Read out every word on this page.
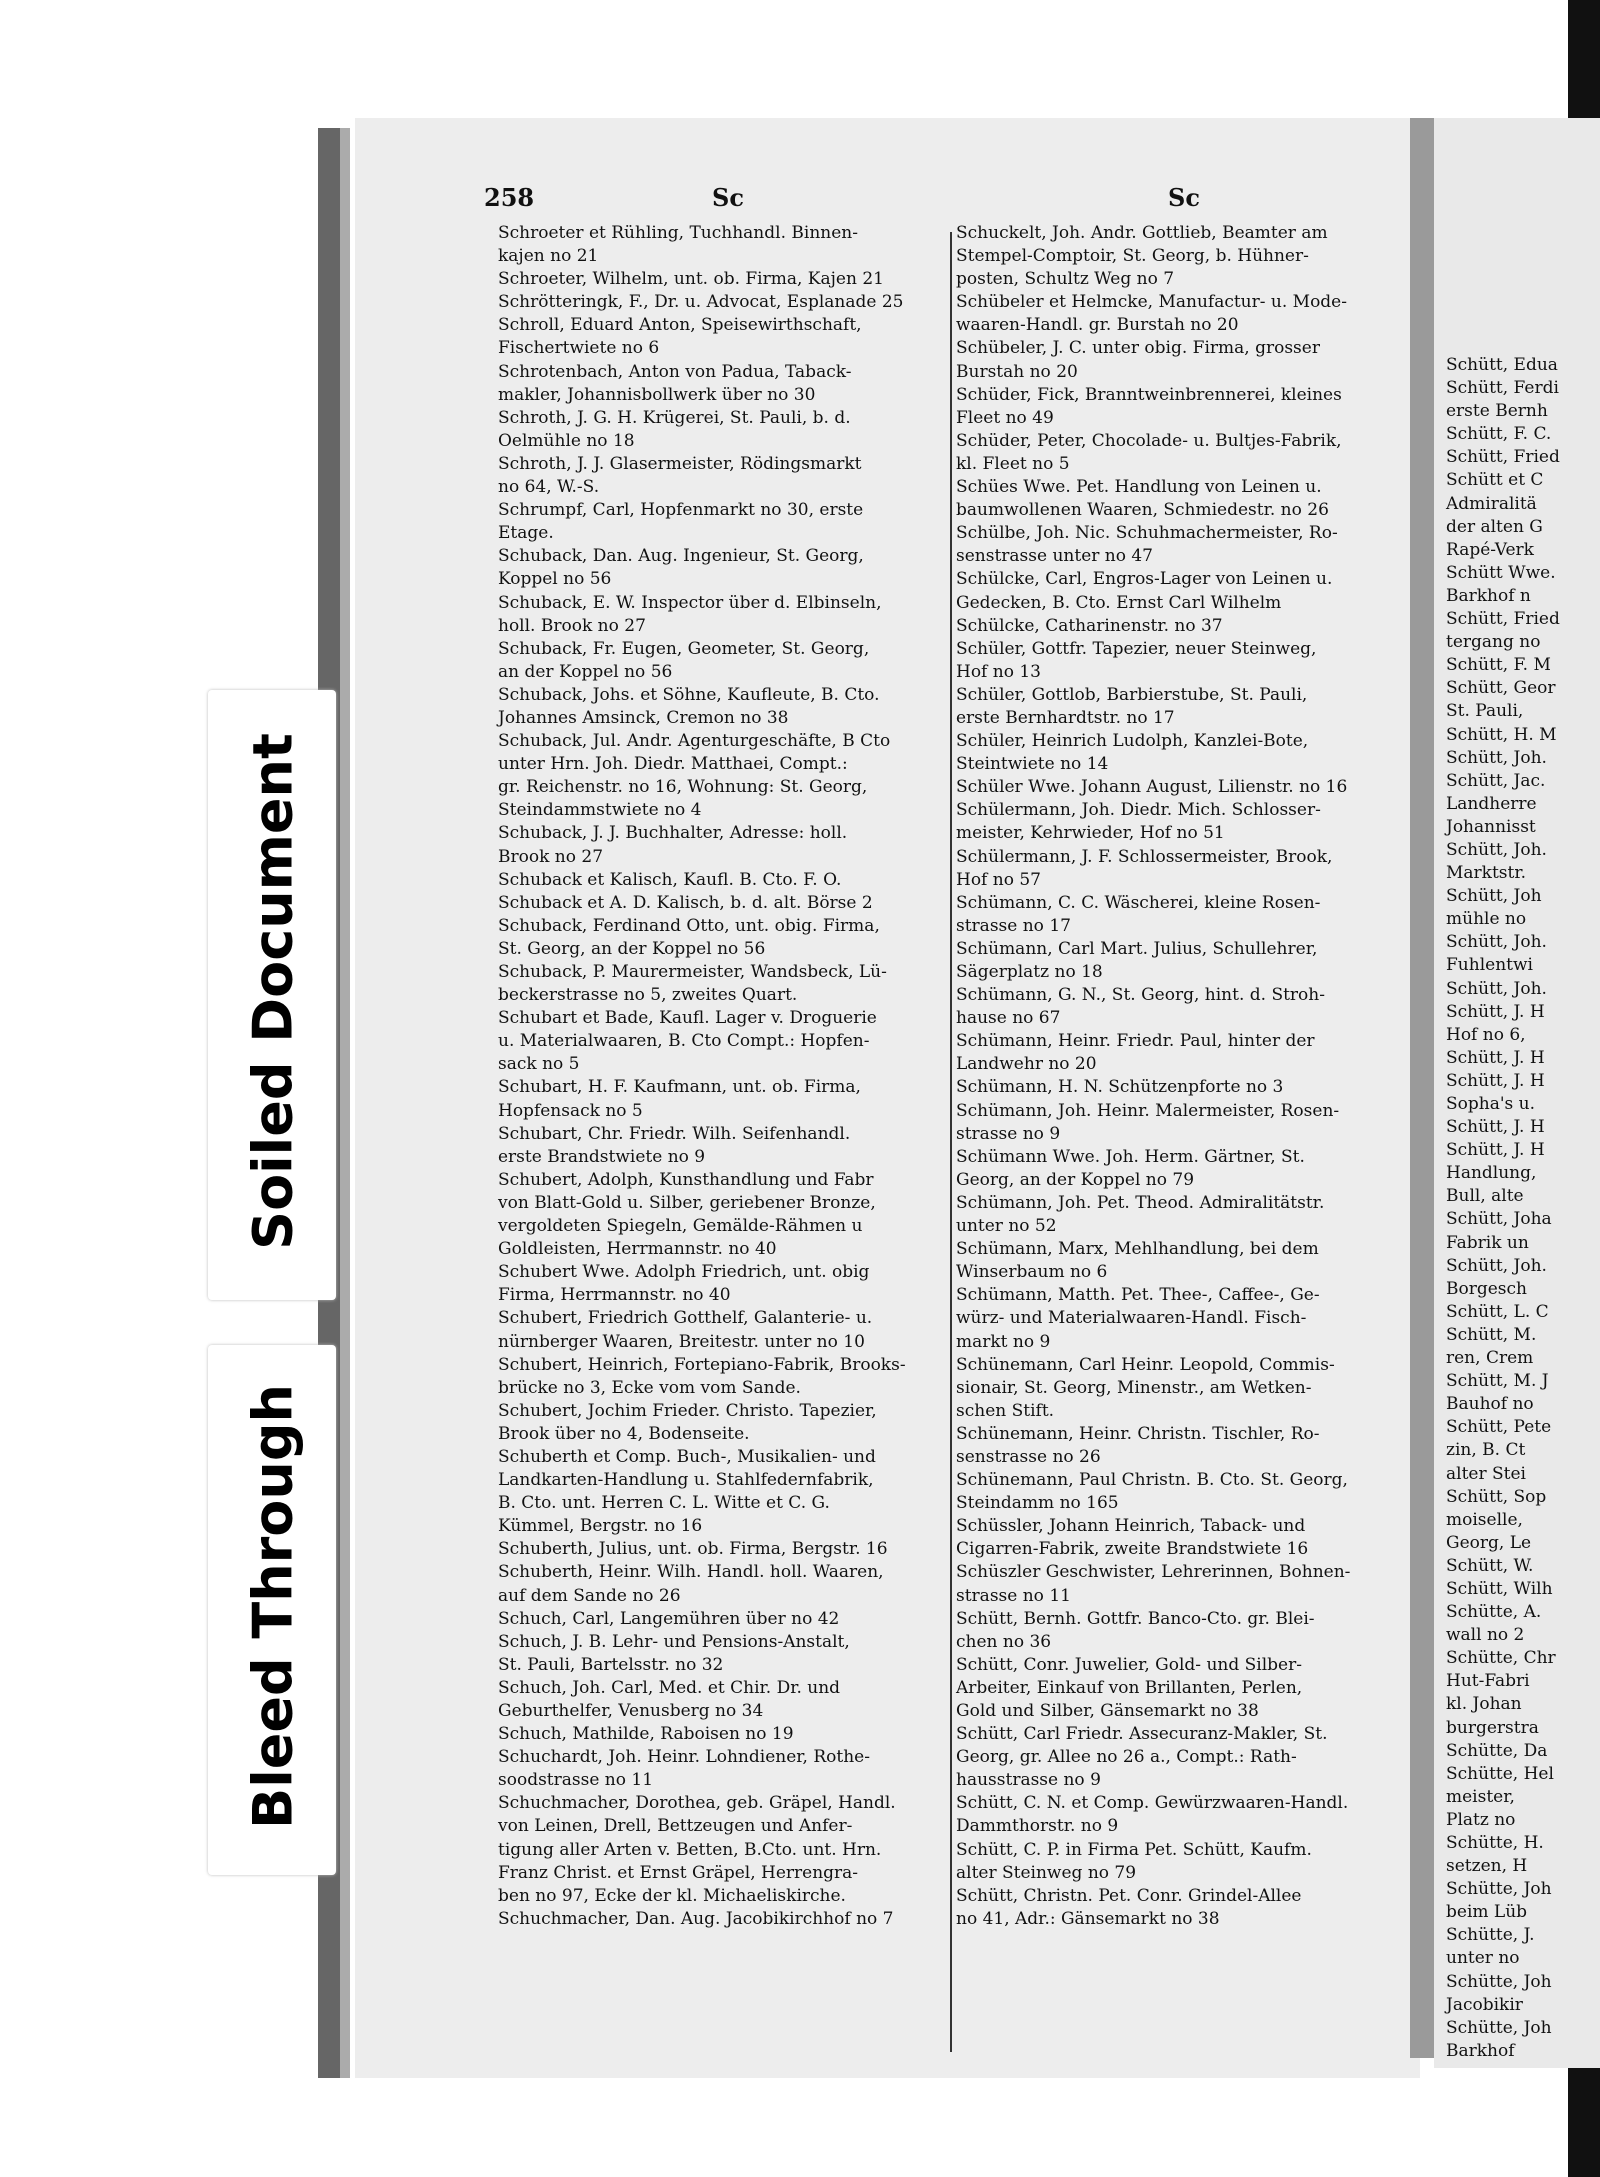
Schütt, Edua
Schütt, Ferdi
erste Bernh
Schütt, F. C.
Schütt, Fried
Schütt et C
Admiralitä
der alten G
Rapé-Verk
Schütt Wwe.
Barkhof n
Schütt, Fried
tergang no
Schütt, F. M
Schütt, Geor
St. Pauli,
Schütt, H. M
Schütt, Joh.
Schütt, Jac.
Landherre
Johannisst
Schütt, Joh.
Marktstr.
Schütt, Joh
mühle no
Schütt, Joh.
Fuhlentwi
Schütt, Joh.
Schütt, J. H
Hof no 6,
Schütt, J. H
Schütt, J. H
Sopha's u.
Schütt, J. H
Schütt, J. H
Handlung,
Bull, alte
Schütt, Joha
Fabrik un
Schütt, Joh.
Borgesch
Schütt, L. C
Schütt, M.
ren, Crem
Schütt, M. J
Bauhof no
Schütt, Pete
zin, B. Ct
alter Stei
Schütt, Sop
moiselle,
Georg, Le
Schütt, W.
Schütt, Wilh
Schütte, A.
wall no 2
Schütte, Chr
Hut-Fabri
kl. Johan
burgerstra
Schütte, Da
Schütte, Hel
meister,
Platz no
Schütte, H.
setzen, H
Schütte, Joh
beim Lüb
Schütte, J.
unter no
Schütte, Joh
Jacobikir
Schütte, Joh
Barkhof
258	Sc	Sc
Schroeter et Rühling, Tuchhandl. Binnen-
kajen no 21
Schroeter, Wilhelm, unt. ob. Firma, Kajen 21
Schrötteringk, F., Dr. u. Advocat, Esplanade 25
Schroll, Eduard Anton, Speisewirthschaft,
Fischertwiete no 6
Schrotenbach, Anton von Padua, Taback-
makler, Johannisbollwerk über no 30
Schroth, J. G. H. Krügerei, St. Pauli, b. d.
Oelmühle no 18
Schroth, J. J. Glasermeister, Rödingsmarkt
no 64, W.-S.
Schrumpf, Carl, Hopfenmarkt no 30, erste
Etage.
Schuback, Dan. Aug. Ingenieur, St. Georg,
Koppel no 56
Schuback, E. W. Inspector über d. Elbinseln,
holl. Brook no 27
Schuback, Fr. Eugen, Geometer, St. Georg,
an der Koppel no 56
Schuback, Johs. et Söhne, Kaufleute, B. Cto.
Johannes Amsinck, Cremon no 38
Schuback, Jul. Andr. Agenturgeschäfte, B Cto
unter Hrn. Joh. Diedr. Matthaei, Compt.:
gr. Reichenstr. no 16, Wohnung: St. Georg,
Steindammstwiete no 4
Schuback, J. J. Buchhalter, Adresse: holl.
Brook no 27
Schuback et Kalisch, Kaufl. B. Cto. F. O.
Schuback et A. D. Kalisch, b. d. alt. Börse 2
Schuback, Ferdinand Otto, unt. obig. Firma,
St. Georg, an der Koppel no 56
Schuback, P. Maurermeister, Wandsbeck, Lü-
beckerstrasse no 5, zweites Quart.
Schubart et Bade, Kaufl. Lager v. Droguerie
u. Materialwaaren, B. Cto Compt.: Hopfen-
sack no 5
Schubart, H. F. Kaufmann, unt. ob. Firma,
Hopfensack no 5
Schubart, Chr. Friedr. Wilh. Seifenhandl.
erste Brandstwiete no 9
Schubert, Adolph, Kunsthandlung und Fabr
von Blatt-Gold u. Silber, geriebener Bronze,
vergoldeten Spiegeln, Gemälde-Rähmen u
Goldleisten, Herrmannstr. no 40
Schubert Wwe. Adolph Friedrich, unt. obig
Firma, Herrmannstr. no 40
Schubert, Friedrich Gotthelf, Galanterie- u.
nürnberger Waaren, Breitestr. unter no 10
Schubert, Heinrich, Fortepiano-Fabrik, Brooks-
brücke no 3, Ecke vom vom Sande.
Schubert, Jochim Frieder. Christo. Tapezier,
Brook über no 4, Bodenseite.
Schuberth et Comp. Buch-, Musikalien- und
Landkarten-Handlung u. Stahlfedernfabrik,
B. Cto. unt. Herren C. L. Witte et C. G.
Kümmel, Bergstr. no 16
Schuberth, Julius, unt. ob. Firma, Bergstr. 16
Schuberth, Heinr. Wilh. Handl. holl. Waaren,
auf dem Sande no 26
Schuch, Carl, Langemühren über no 42
Schuch, J. B. Lehr- und Pensions-Anstalt,
St. Pauli, Bartelsstr. no 32
Schuch, Joh. Carl, Med. et Chir. Dr. und
Geburthelfer, Venusberg no 34
Schuch, Mathilde, Raboisen no 19
Schuchardt, Joh. Heinr. Lohndiener, Rothe-
soodstrasse no 11
Schuchmacher, Dorothea, geb. Gräpel, Handl.
von Leinen, Drell, Bettzeugen und Anfer-
tigung aller Arten v. Betten, B.Cto. unt. Hrn.
Franz Christ. et Ernst Gräpel, Herrengra-
ben no 97, Ecke der kl. Michaeliskirche.
Schuchmacher, Dan. Aug. Jacobikirchhof no 7
Schuckelt, Joh. Andr. Gottlieb, Beamter am
Stempel-Comptoir, St. Georg, b. Hühner-
posten, Schultz Weg no 7
Schübeler et Helmcke, Manufactur- u. Mode-
waaren-Handl. gr. Burstah no 20
Schübeler, J. C. unter obig. Firma, grosser
Burstah no 20
Schüder, Fick, Branntweinbrennerei, kleines
Fleet no 49
Schüder, Peter, Chocolade- u. Bultjes-Fabrik,
kl. Fleet no 5
Schües Wwe. Pet. Handlung von Leinen u.
baumwollenen Waaren, Schmiedestr. no 26
Schülbe, Joh. Nic. Schuhmachermeister, Ro-
senstrasse unter no 47
Schülcke, Carl, Engros-Lager von Leinen u.
Gedecken, B. Cto. Ernst Carl Wilhelm
Schülcke, Catharinenstr. no 37
Schüler, Gottfr. Tapezier, neuer Steinweg,
Hof no 13
Schüler, Gottlob, Barbierstube, St. Pauli,
erste Bernhardtstr. no 17
Schüler, Heinrich Ludolph, Kanzlei-Bote,
Steintwiete no 14
Schüler Wwe. Johann August, Lilienstr. no 16
Schülermann, Joh. Diedr. Mich. Schlosser-
meister, Kehrwieder, Hof no 51
Schülermann, J. F. Schlossermeister, Brook,
Hof no 57
Schümann, C. C. Wäscherei, kleine Rosen-
strasse no 17
Schümann, Carl Mart. Julius, Schullehrer,
Sägerplatz no 18
Schümann, G. N., St. Georg, hint. d. Stroh-
hause no 67
Schümann, Heinr. Friedr. Paul, hinter der
Landwehr no 20
Schümann, H. N. Schützenpforte no 3
Schümann, Joh. Heinr. Malermeister, Rosen-
strasse no 9
Schümann Wwe. Joh. Herm. Gärtner, St.
Georg, an der Koppel no 79
Schümann, Joh. Pet. Theod. Admiralitätstr.
unter no 52
Schümann, Marx, Mehlhandlung, bei dem
Winserbaum no 6
Schümann, Matth. Pet. Thee-, Caffee-, Ge-
würz- und Materialwaaren-Handl. Fisch-
markt no 9
Schünemann, Carl Heinr. Leopold, Commis-
sionair, St. Georg, Minenstr., am Wetken-
schen Stift.
Schünemann, Heinr. Christn. Tischler, Ro-
senstrasse no 26
Schünemann, Paul Christn. B. Cto. St. Georg,
Steindamm no 165
Schüssler, Johann Heinrich, Taback- und
Cigarren-Fabrik, zweite Brandstwiete 16
Schüszler Geschwister, Lehrerinnen, Bohnen-
strasse no 11
Schütt, Bernh. Gottfr. Banco-Cto. gr. Blei-
chen no 36
Schütt, Conr. Juwelier, Gold- und Silber-
Arbeiter, Einkauf von Brillanten, Perlen,
Gold und Silber, Gänsemarkt no 38
Schütt, Carl Friedr. Assecuranz-Makler, St.
Georg, gr. Allee no 26 a., Compt.: Rath-
hausstrasse no 9
Schütt, C. N. et Comp. Gewürzwaaren-Handl.
Dammthorstr. no 9
Schütt, C. P. in Firma Pet. Schütt, Kaufm.
alter Steinweg no 79
Schütt, Christn. Pet. Conr. Grindel-Allee
no 41, Adr.: Gänsemarkt no 38
Soiled Document
Bleed Through
